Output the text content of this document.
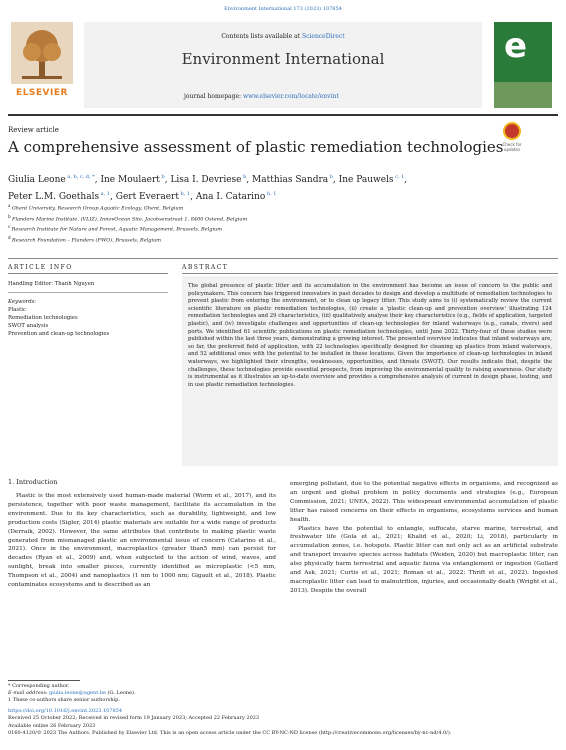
Environment International 173 (2023) 107854
ELSEVIER
Contents lists available at ScienceDirect
Environment International
journal homepage: www.elsevier.com/locate/envint
e
Review article
Check for updates
A comprehensive assessment of plastic remediation technologies
Giulia Leone $^{a, b, c, d, *}$, Ine Moulaert $^b$, Lisa I. Devriese $^b$, Matthias Sandra $^b$, Ine Pauwels $^{c, 1}$,
Peter L.M. Goethals $^{a, 1}$, Gert Everaert $^{b, 1}$, Ana I. Catarino $^{b, 1}$
$^a$ Ghent University, Research Group Aquatic Ecology, Ghent, Belgium
$^b$ Flanders Marine Institute, (VLIZ), InnovOcean Site, Jacobsenstraat 1, 8400 Ostend, Belgium
$^c$ Research Institute for Nature and Forest, Aquatic Management, Brussels, Belgium
$^d$ Research Foundation – Flanders (FWO), Brussels, Belgium
ARTICLE INFO	ABSTRACT
Handling Editor: Thanh Nguyen
Keywords:
Plastic
Remediation technologies
SWOT analysis
Prevention and clean-up technologies
The global presence of plastic litter and its accumulation in the environment has become an issue of concern to the public and policymakers. This concern has triggered innovators in past decades to design and develop a multitude of remediation technologies to prevent plastic from entering the environment, or to clean up legacy litter. This study aims to (i) systematically review the current scientific literature on plastic remediation technologies, (ii) create a 'plastic clean-up and prevention overview' illustrating 124 remediation technologies and 29 characteristics, (iii) qualitatively analyse their key characteristics (e.g., fields of application, targeted plastic), and (iv) investigate challenges and opportunities of clean-up technologies for inland waterways (e.g., canals, rivers) and ports. We identified 61 scientific publications on plastic remediation technologies, until June 2022. Thirty-four of these studies were published within the last three years, demonstrating a growing interest. The presented overview indicates that inland waterways are, so far, the preferred field of application, with 22 technologies specifically designed for cleaning up plastics from inland waterways, and 52 additional ones with the potential to be installed in these locations. Given the importance of clean-up technologies in inland waterways, we highlighted their strengths, weaknesses, opportunities, and threats (SWOT). Our results indicate that, despite the challenges, these technologies provide essential prospects, from improving the environmental quality to raising awareness. Our study is instrumental as it illustrates an up-to-date overview and provides a comprehensive analysis of current in design phase, testing, and in use plastic remediation technologies.
1. Introduction

Plastic is the most extensively used human-made material (Worm et al., 2017), and its persistence, together with poor waste management, facilitate its accumulation in the environment. Due to its key characteristics, such as durability, lightweight, and low production costs (Sigler, 2014) plastic materials are suitable for a wide range of products (Derraik, 2002). However, the same attributes that contribute to making plastic waste generated from mismanaged plastic an environmental issue of concern (Catarino et al., 2021). Once in the environment, macroplastics (greater than5 mm) can persist for decades (Ryan et al., 2009) and, when subjected to the action of wind, waves, and sunlight, break into smaller pieces, currently identified as microplastic (<5 mm, Thompson et al., 2004) and nanoplastics (1 nm to 1000 nm; Gigault et al., 2018). Plastic contaminates ecosystems and is described as an

emerging pollutant, due to the potential negative effects in organisms, and recognized as an urgent and global problem in policy documents and strategies (e.g., European Commission, 2021; UNEA, 2022). This widespread environmental accumulation of plastic litter has raised concerns on their effects in organisms, ecosystems services and human health.

Plastics have the potential to entangle, suffocate, starve marine, terrestrial, and freshwater life (Gola et al., 2021; Khalid et al., 2020; Li, 2018), particularly in accumulation zones, i.e. hotspots. Plastic litter can not only act as an artificial substrate and transport invasive species across habitats (Weiden, 2020) but macroplastic litter, can also physically harm terrestrial and aquatic fauna via entanglement or ingestion (Gollard and Ask, 2021; Curtis et al., 2021; Roman et al., 2022; Thrift et al., 2022). Ingested macroplastic litter can lead to malnutrition, injuries, and occasionally death (Wright et al., 2013). Despite the overall

* Corresponding author.
E-mail address: giulia.leone@ugent.be (G. Leone).
1 These co-authors share senior authorship.
https://doi.org/10.1016/j.envint.2023.107854
Received 25 October 2022; Received in revised form 19 January 2023; Accepted 22 February 2023
Available online 26 February 2023
0160-4120/© 2023 The Authors. Published by Elsevier Ltd. This is an open access article under the CC BY-NC-ND license (http://creativecommons.org/licenses/by-nc-nd/4.0/).
